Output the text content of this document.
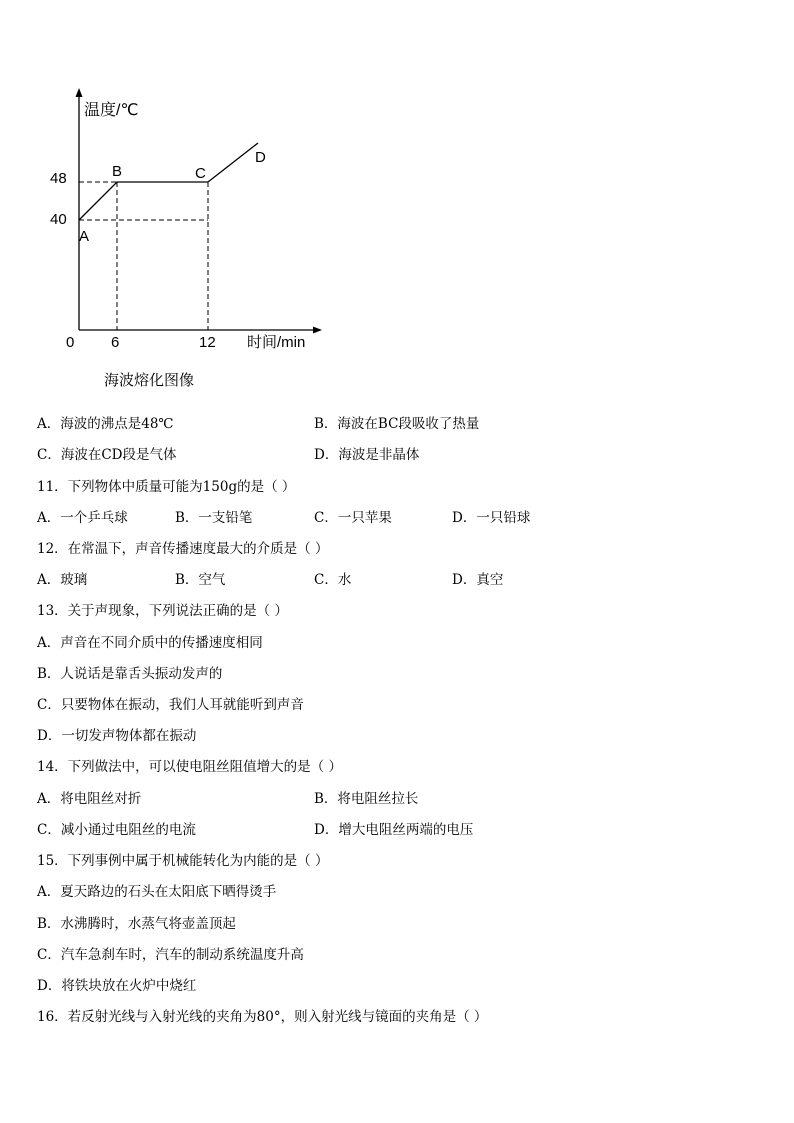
温度/℃
时间/min
0
48
40
6	12
A
B	C
D
海波熔化图像
A．海波的沸点是48℃	B．海波在BC段吸收了热量
C．海波在CD段是气体	D．海波是非晶体
11．下列物体中质量可能为150g的是（ ）
A．一个乒乓球	B．一支铅笔	C．一只苹果	D．一只铅球
12．在常温下，声音传播速度最大的介质是（ ）
A．玻璃	B．空气	C．水	D．真空
13．关于声现象，下列说法正确的是（ ）
A．声音在不同介质中的传播速度相同
B．人说话是靠舌头振动发声的
C．只要物体在振动，我们人耳就能听到声音
D．一切发声物体都在振动
14．下列做法中，可以使电阻丝阻值增大的是（ ）
A．将电阻丝对折	B．将电阻丝拉长
C．减小通过电阻丝的电流	D．增大电阻丝两端的电压
15．下列事例中属于机械能转化为内能的是（ ）
A．夏天路边的石头在太阳底下晒得烫手
B．水沸腾时，水蒸气将壶盖顶起
C．汽车急刹车时，汽车的制动系统温度升高
D．将铁块放在火炉中烧红
16．若反射光线与入射光线的夹角为80°，则入射光线与镜面的夹角是（ ）
